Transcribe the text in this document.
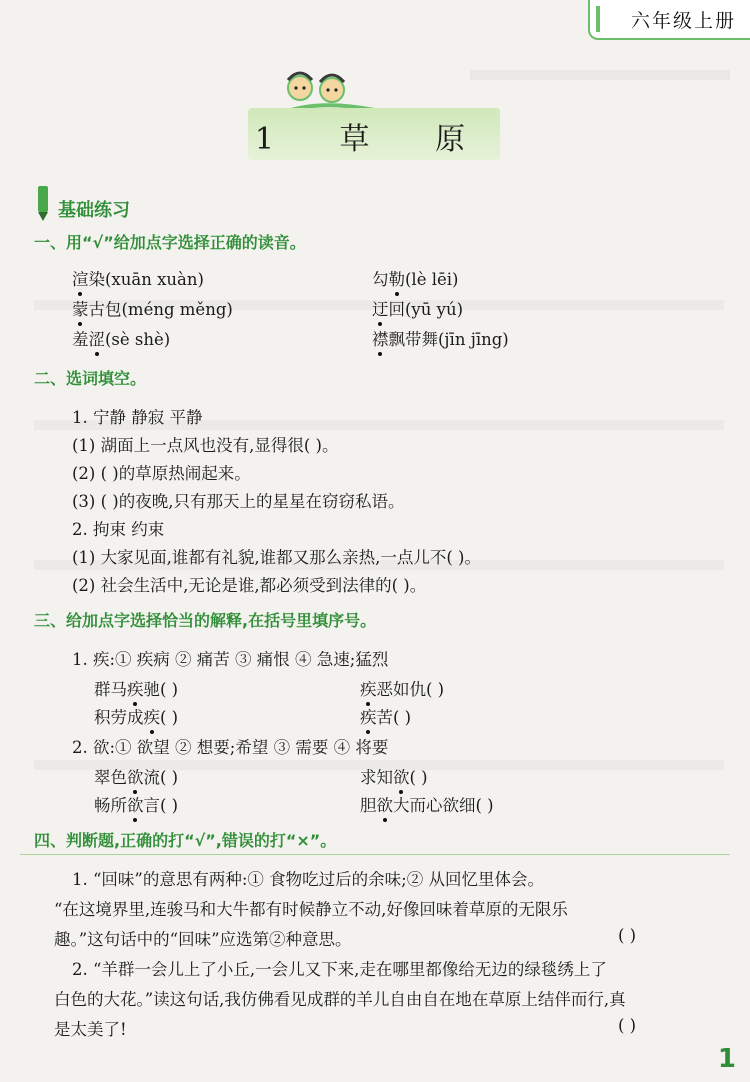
六年级上册
1 草 原
基础练习
一、用“√”给加点字选择正确的读音。
渲染(xuān xuàn)
蒙古包(méng měng)
羞涩(sè shè)
勾勒(lè lēi)
迂回(yū yú)
襟飘带舞(jīn jīng)
二、选词填空。
1. 宁静 静寂 平静
(1) 湖面上一点风也没有,显得很( )。
(2) ( )的草原热闹起来。
(3) ( )的夜晚,只有那天上的星星在窃窃私语。
2. 拘束 约束
(1) 大家见面,谁都有礼貌,谁都又那么亲热,一点儿不( )。
(2) 社会生活中,无论是谁,都必须受到法律的( )。
三、给加点字选择恰当的解释,在括号里填序号。
1. 疾:① 疾病 ② 痛苦 ③ 痛恨 ④ 急速;猛烈
群马疾驰( )
积劳成疾( )
疾恶如仇( )
疾苦( )
2. 欲:① 欲望 ② 想要;希望 ③ 需要 ④ 将要
翠色欲流( )
畅所欲言( )
求知欲( )
胆欲大而心欲细( )
四、判断题,正确的打“√”,错误的打“×”。
1. “回味”的意思有两种:① 食物吃过后的余味;② 从回忆里体会。
“在这境界里,连骏马和大牛都有时候静立不动,好像回味着草原的无限乐
趣。”这句话中的“回味”应选第②种意思。	( )
2. “羊群一会儿上了小丘,一会儿又下来,走在哪里都像给无边的绿毯绣上了
白色的大花。”读这句话,我仿佛看见成群的羊儿自由自在地在草原上结伴而行,真
是太美了!	( )
1
